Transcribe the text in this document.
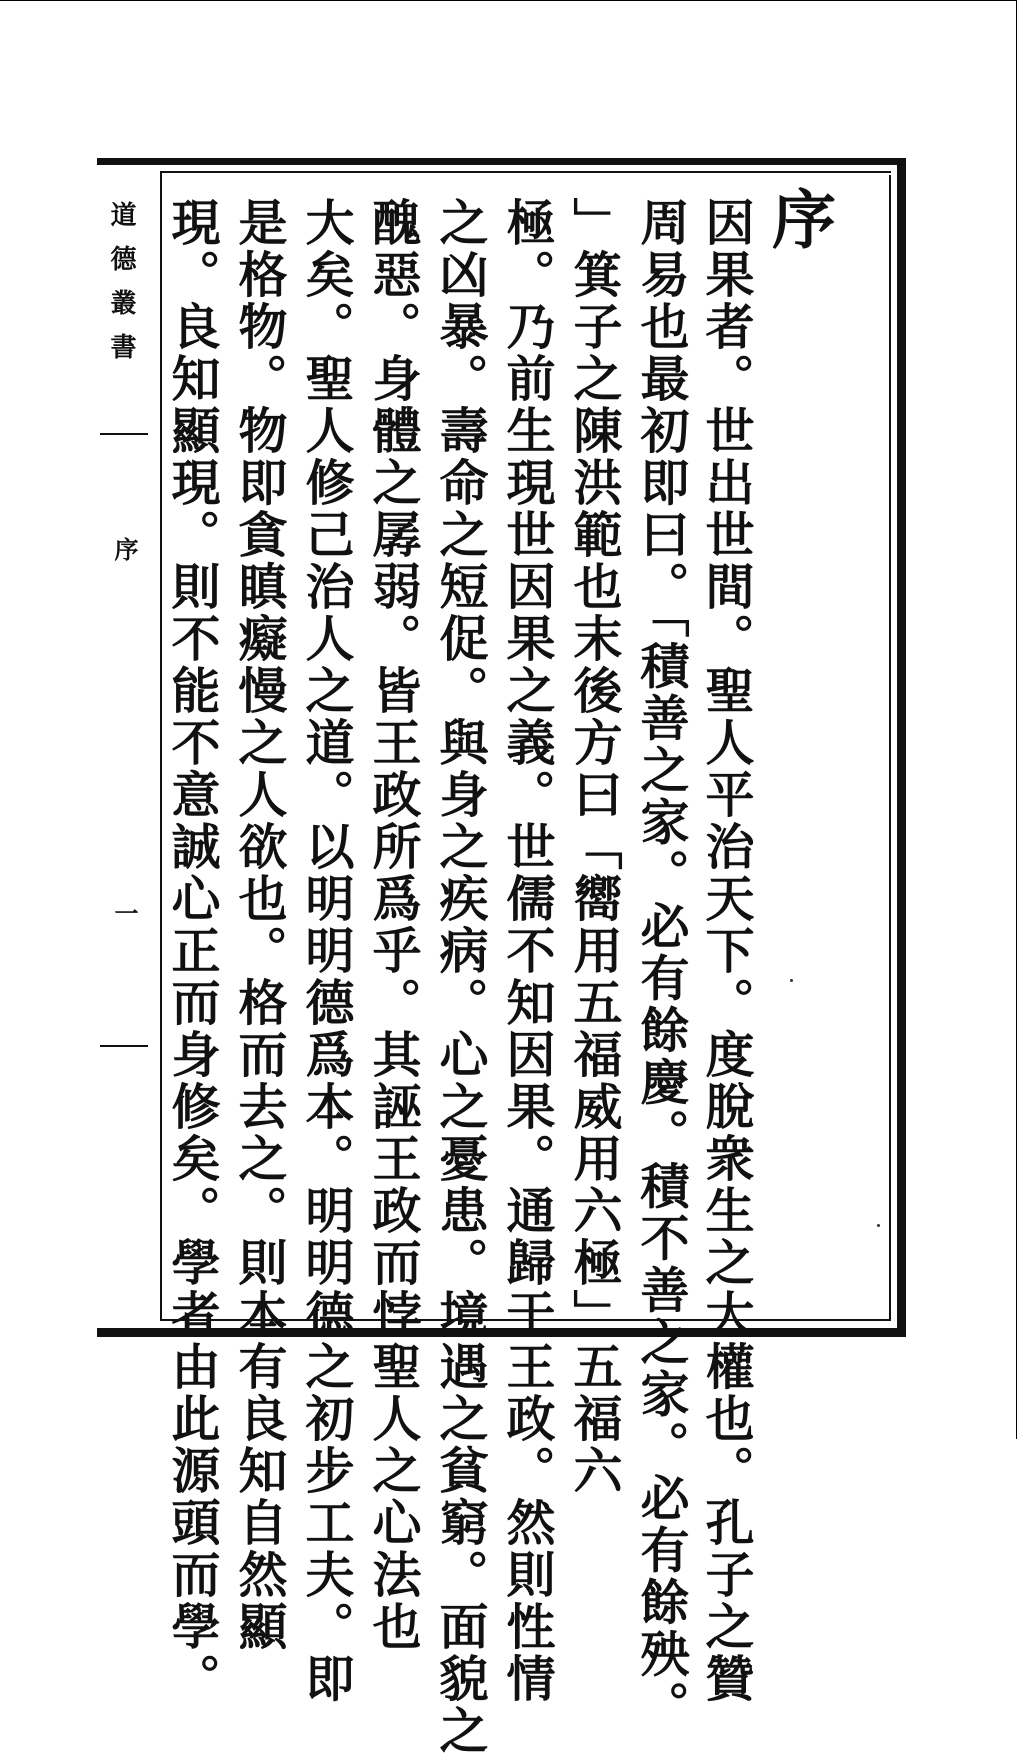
道德叢書
序
一
序
因果者。世出世間。聖人平治天下。度脫衆生之大權也。孔子之贊
周易也最初即曰。「積善之家。必有餘慶。積不善之家。必有餘殃。
」箕子之陳洪範也末後方曰「嚮用五福威用六極」五福六
極。乃前生現世因果之義。世儒不知因果。通歸于王政。然則性情
之凶暴。壽命之短促。與身之疾病。心之憂患。境遇之貧窮。面貌之
醜惡。身體之孱弱。皆王政所爲乎。其誣王政而悖聖人之心法也
大矣。聖人修己治人之道。以明明德爲本。明明德之初步工夫。即
是格物。物即貪瞋癡慢之人欲也。格而去之。則本有良知自然顯
現。良知顯現。則不能不意誠心正而身修矣。學者由此源頭而學。
